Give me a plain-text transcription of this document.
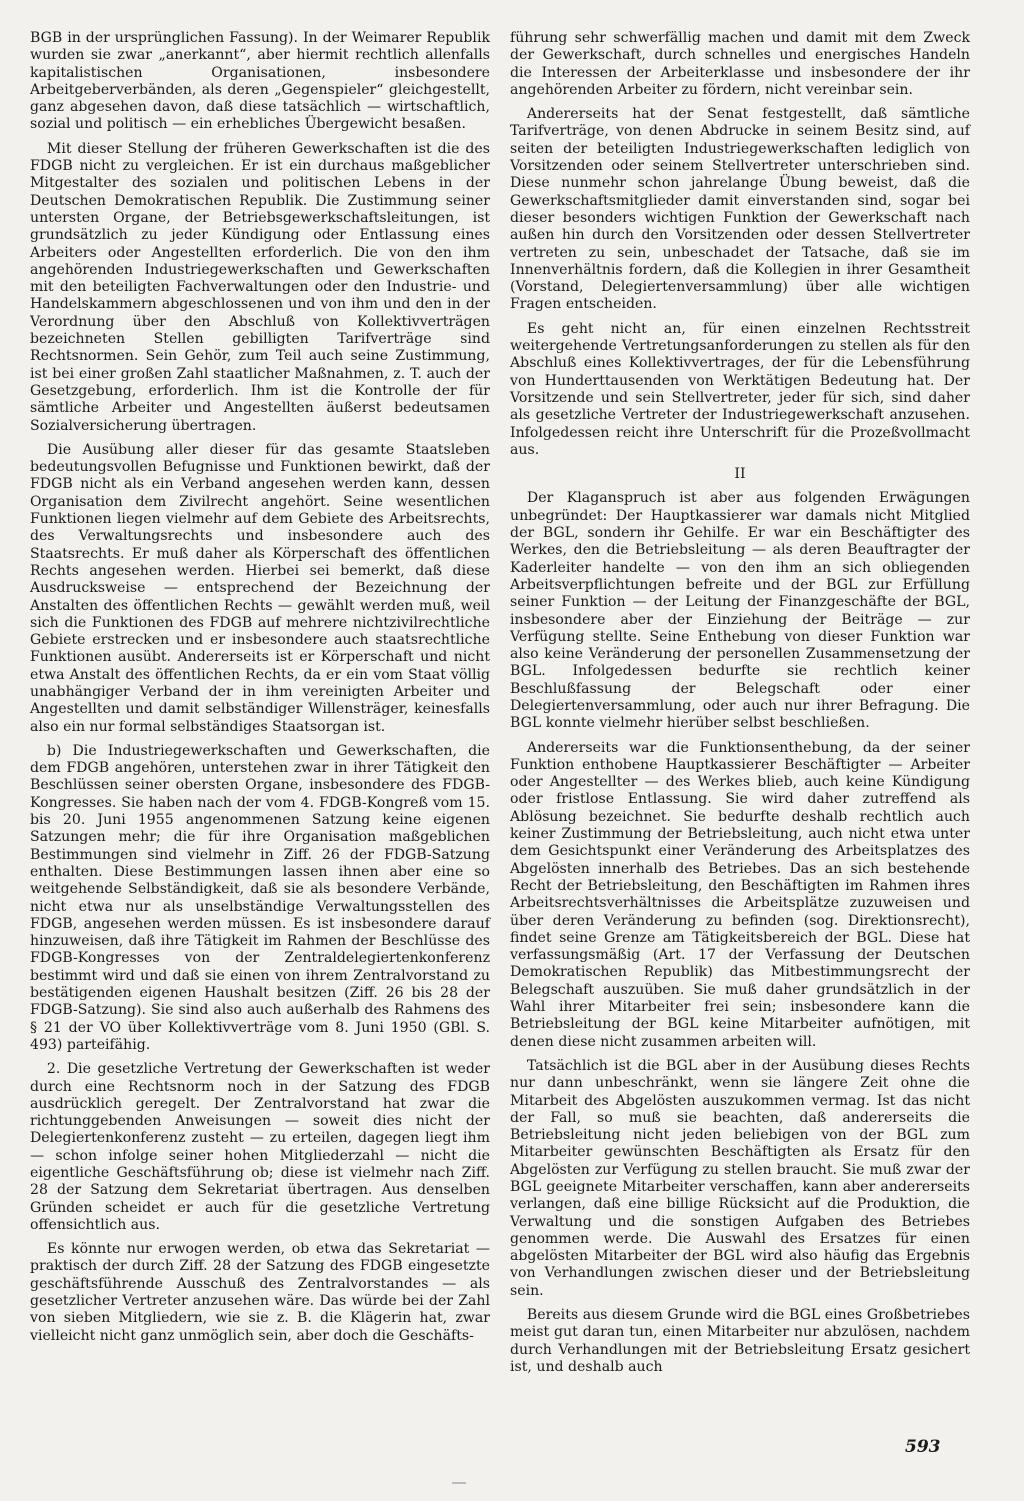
BGB in der ursprünglichen Fassung). In der Weimarer Republik wurden sie zwar „anerkannt“, aber hiermit rechtlich allenfalls kapitalistischen Organisationen, insbesondere Arbeitgeberverbänden, als deren „Gegenspieler“ gleichgestellt, ganz abgesehen davon, daß diese tatsächlich — wirtschaftlich, sozial und politisch — ein erhebliches Übergewicht besaßen.

Mit dieser Stellung der früheren Gewerkschaften ist die des FDGB nicht zu vergleichen. Er ist ein durchaus maßgeblicher Mitgestalter des sozialen und politischen Lebens in der Deutschen Demokratischen Republik. Die Zustimmung seiner untersten Organe, der Betriebsgewerkschaftsleitungen, ist grundsätzlich zu jeder Kündigung oder Entlassung eines Arbeiters oder Angestellten erforderlich. Die von den ihm angehörenden Industriegewerkschaften und Gewerkschaften mit den beteiligten Fachverwaltungen oder den Industrie- und Handelskammern abgeschlossenen und von ihm und den in der Verordnung über den Abschluß von Kollektivverträgen bezeichneten Stellen gebilligten Tarifverträge sind Rechtsnormen. Sein Gehör, zum Teil auch seine Zustimmung, ist bei einer großen Zahl staatlicher Maßnahmen, z. T. auch der Gesetzgebung, erforderlich. Ihm ist die Kontrolle der für sämtliche Arbeiter und Angestellten äußerst bedeutsamen Sozialversicherung übertragen.

Die Ausübung aller dieser für das gesamte Staatsleben bedeutungsvollen Befugnisse und Funktionen bewirkt, daß der FDGB nicht als ein Verband angesehen werden kann, dessen Organisation dem Zivilrecht angehört. Seine wesentlichen Funktionen liegen vielmehr auf dem Gebiete des Arbeitsrechts, des Verwaltungsrechts und insbesondere auch des Staatsrechts. Er muß daher als Körperschaft des öffentlichen Rechts angesehen werden. Hierbei sei bemerkt, daß diese Ausdrucksweise — entsprechend der Bezeichnung der Anstalten des öffentlichen Rechts — gewählt werden muß, weil sich die Funktionen des FDGB auf mehrere nichtzivilrechtliche Gebiete erstrecken und er insbesondere auch staatsrechtliche Funktionen ausübt. Andererseits ist er Körperschaft und nicht etwa Anstalt des öffentlichen Rechts, da er ein vom Staat völlig unabhängiger Verband der in ihm vereinigten Arbeiter und Angestellten und damit selbständiger Willensträger, keinesfalls also ein nur formal selbständiges Staatsorgan ist.

b) Die Industriegewerkschaften und Gewerkschaften, die dem FDGB angehören, unterstehen zwar in ihrer Tätigkeit den Beschlüssen seiner obersten Organe, insbesondere des FDGB-Kongresses. Sie haben nach der vom 4. FDGB-Kongreß vom 15. bis 20. Juni 1955 angenommenen Satzung keine eigenen Satzungen mehr; die für ihre Organisation maßgeblichen Bestimmungen sind vielmehr in Ziff. 26 der FDGB-Satzung enthalten. Diese Bestimmungen lassen ihnen aber eine so weitgehende Selbständigkeit, daß sie als besondere Verbände, nicht etwa nur als unselbständige Verwaltungsstellen des FDGB, angesehen werden müssen. Es ist insbesondere darauf hinzuweisen, daß ihre Tätigkeit im Rahmen der Beschlüsse des FDGB-Kongresses von der Zentraldelegiertenkonferenz bestimmt wird und daß sie einen von ihrem Zentralvorstand zu bestätigenden eigenen Haushalt besitzen (Ziff. 26 bis 28 der FDGB-Satzung). Sie sind also auch außerhalb des Rahmens des § 21 der VO über Kollektivverträge vom 8. Juni 1950 (GBl. S. 493) parteifähig.

2. Die gesetzliche Vertretung der Gewerkschaften ist weder durch eine Rechtsnorm noch in der Satzung des FDGB ausdrücklich geregelt. Der Zentralvorstand hat zwar die richtunggebenden Anweisungen — soweit dies nicht der Delegiertenkonferenz zusteht — zu erteilen, dagegen liegt ihm — schon infolge seiner hohen Mitgliederzahl — nicht die eigentliche Geschäftsführung ob; diese ist vielmehr nach Ziff. 28 der Satzung dem Sekretariat übertragen. Aus denselben Gründen scheidet er auch für die gesetzliche Vertretung offensichtlich aus.

Es könnte nur erwogen werden, ob etwa das Sekretariat — praktisch der durch Ziff. 28 der Satzung des FDGB eingesetzte geschäftsführende Ausschuß des Zentralvorstandes — als gesetzlicher Vertreter anzusehen wäre. Das würde bei der Zahl von sieben Mitgliedern, wie sie z. B. die Klägerin hat, zwar vielleicht nicht ganz unmöglich sein, aber doch die Geschäfts-

führung sehr schwerfällig machen und damit mit dem Zweck der Gewerkschaft, durch schnelles und energisches Handeln die Interessen der Arbeiterklasse und insbesondere der ihr angehörenden Arbeiter zu fördern, nicht vereinbar sein.

Andererseits hat der Senat festgestellt, daß sämtliche Tarifverträge, von denen Abdrucke in seinem Besitz sind, auf seiten der beteiligten Industriegewerkschaften lediglich von Vorsitzenden oder seinem Stellvertreter unterschrieben sind. Diese nunmehr schon jahrelange Übung beweist, daß die Gewerkschaftsmitglieder damit einverstanden sind, sogar bei dieser besonders wichtigen Funktion der Gewerkschaft nach außen hin durch den Vorsitzenden oder dessen Stellvertreter vertreten zu sein, unbeschadet der Tatsache, daß sie im Innenverhältnis fordern, daß die Kollegien in ihrer Gesamtheit (Vorstand, Delegiertenversammlung) über alle wichtigen Fragen entscheiden.

Es geht nicht an, für einen einzelnen Rechtsstreit weitergehende Vertretungsanforderungen zu stellen als für den Abschluß eines Kollektivvertrages, der für die Lebensführung von Hunderttausenden von Werktätigen Bedeutung hat. Der Vorsitzende und sein Stellvertreter, jeder für sich, sind daher als gesetzliche Vertreter der Industriegewerkschaft anzusehen. Infolgedessen reicht ihre Unterschrift für die Prozeßvollmacht aus.

II

Der Klaganspruch ist aber aus folgenden Erwägungen unbegründet: Der Hauptkassierer war damals nicht Mitglied der BGL, sondern ihr Gehilfe. Er war ein Beschäftigter des Werkes, den die Betriebsleitung — als deren Beauftragter der Kaderleiter handelte — von den ihm an sich obliegenden Arbeitsverpflichtungen befreite und der BGL zur Erfüllung seiner Funktion — der Leitung der Finanzgeschäfte der BGL, insbesondere aber der Einziehung der Beiträge — zur Verfügung stellte. Seine Enthebung von dieser Funktion war also keine Veränderung der personellen Zusammensetzung der BGL. Infolgedessen bedurfte sie rechtlich keiner Beschlußfassung der Belegschaft oder einer Delegiertenversammlung, oder auch nur ihrer Befragung. Die BGL konnte vielmehr hierüber selbst beschließen.

Andererseits war die Funktionsenthebung, da der seiner Funktion enthobene Hauptkassierer Beschäftigter — Arbeiter oder Angestellter — des Werkes blieb, auch keine Kündigung oder fristlose Entlassung. Sie wird daher zutreffend als Ablösung bezeichnet. Sie bedurfte deshalb rechtlich auch keiner Zustimmung der Betriebsleitung, auch nicht etwa unter dem Gesichtspunkt einer Veränderung des Arbeitsplatzes des Abgelösten innerhalb des Betriebes. Das an sich bestehende Recht der Betriebsleitung, den Beschäftigten im Rahmen ihres Arbeitsrechtsverhältnisses die Arbeitsplätze zuzuweisen und über deren Veränderung zu befinden (sog. Direktionsrecht), findet seine Grenze am Tätigkeitsbereich der BGL. Diese hat verfassungsmäßig (Art. 17 der Verfassung der Deutschen Demokratischen Republik) das Mitbestimmungsrecht der Belegschaft auszuüben. Sie muß daher grundsätzlich in der Wahl ihrer Mitarbeiter frei sein; insbesondere kann die Betriebsleitung der BGL keine Mitarbeiter aufnötigen, mit denen diese nicht zusammen arbeiten will.

Tatsächlich ist die BGL aber in der Ausübung dieses Rechts nur dann unbeschränkt, wenn sie längere Zeit ohne die Mitarbeit des Abgelösten auszukommen vermag. Ist das nicht der Fall, so muß sie beachten, daß andererseits die Betriebsleitung nicht jeden beliebigen von der BGL zum Mitarbeiter gewünschten Beschäftigten als Ersatz für den Abgelösten zur Verfügung zu stellen braucht. Sie muß zwar der BGL geeignete Mitarbeiter verschaffen, kann aber andererseits verlangen, daß eine billige Rücksicht auf die Produktion, die Verwaltung und die sonstigen Aufgaben des Betriebes genommen werde. Die Auswahl des Ersatzes für einen abgelösten Mitarbeiter der BGL wird also häufig das Ergebnis von Verhandlungen zwischen dieser und der Betriebsleitung sein.

Bereits aus diesem Grunde wird die BGL eines Großbetriebes meist gut daran tun, einen Mitarbeiter nur abzulösen, nachdem durch Verhandlungen mit der Betriebsleitung Ersatz gesichert ist, und deshalb auch

593
